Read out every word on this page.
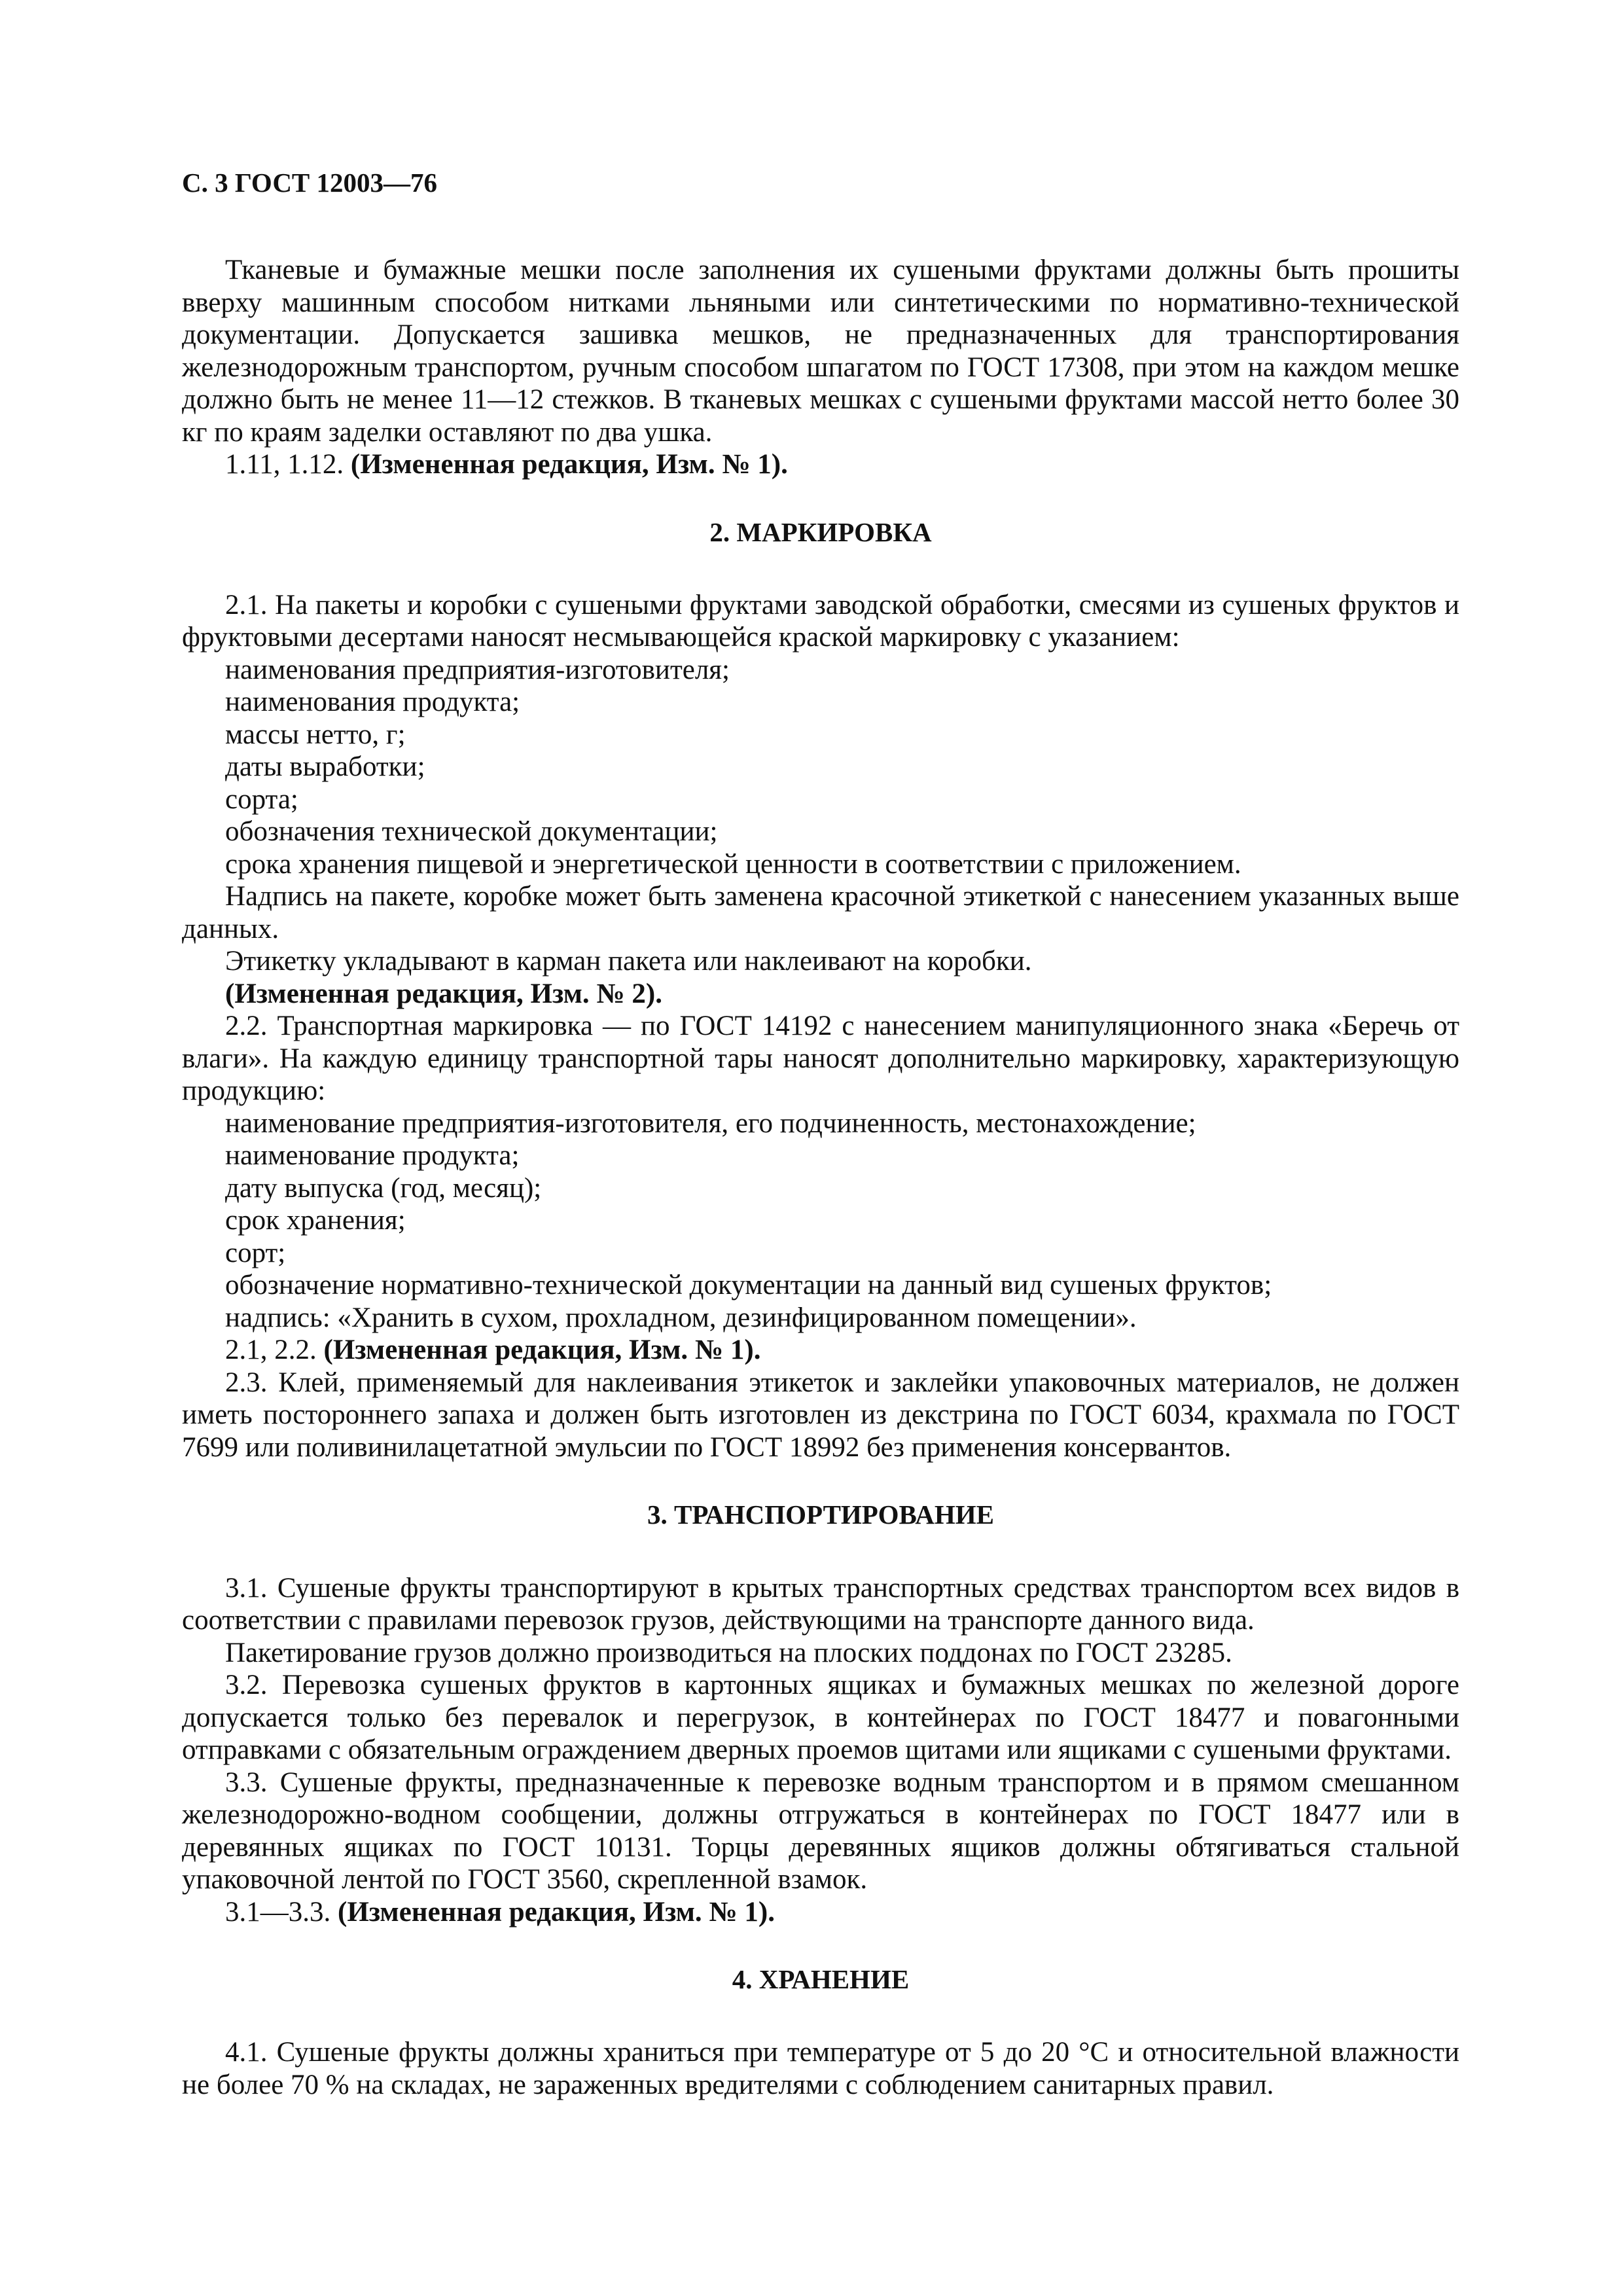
С. 3 ГОСТ 12003—76

Тканевые и бумажные мешки после заполнения их сушеными фруктами должны быть прошиты вверху машинным способом нитками льняными или синтетическими по нормативно-технической документации. Допускается зашивка мешков, не предназначенных для транспортирования железнодорожным транспортом, ручным способом шпагатом по ГОСТ 17308, при этом на каждом мешке должно быть не менее 11—12 стежков. В тканевых мешках с сушеными фруктами массой нетто более 30 кг по краям заделки оставляют по два ушка.

1.11, 1.12. (Измененная редакция, Изм. № 1).

2. МАРКИРОВКА

2.1. На пакеты и коробки с сушеными фруктами заводской обработки, смесями из сушеных фруктов и фруктовыми десертами наносят несмывающейся краской маркировку с указанием:

наименования предприятия-изготовителя;

наименования продукта;

массы нетто, г;

даты выработки;

сорта;

обозначения технической документации;

срока хранения пищевой и энергетической ценности в соответствии с приложением.

Надпись на пакете, коробке может быть заменена красочной этикеткой с нанесением указанных выше данных.

Этикетку укладывают в карман пакета или наклеивают на коробки.

(Измененная редакция, Изм. № 2).

2.2. Транспортная маркировка — по ГОСТ 14192 с нанесением манипуляционного знака «Беречь от влаги». На каждую единицу транспортной тары наносят дополнительно маркировку, характеризующую продукцию:

наименование предприятия-изготовителя, его подчиненность, местонахождение;

наименование продукта;

дату выпуска (год, месяц);

срок хранения;

сорт;

обозначение нормативно-технической документации на данный вид сушеных фруктов;

надпись: «Хранить в сухом, прохладном, дезинфицированном помещении».

2.1, 2.2. (Измененная редакция, Изм. № 1).

2.3. Клей, применяемый для наклеивания этикеток и заклейки упаковочных материалов, не должен иметь постороннего запаха и должен быть изготовлен из декстрина по ГОСТ 6034, крахмала по ГОСТ 7699 или поливинилацетатной эмульсии по ГОСТ 18992 без применения консервантов.

3. ТРАНСПОРТИРОВАНИЕ

3.1. Сушеные фрукты транспортируют в крытых транспортных средствах транспортом всех видов в соответствии с правилами перевозок грузов, действующими на транспорте данного вида.

Пакетирование грузов должно производиться на плоских поддонах по ГОСТ 23285.

3.2. Перевозка сушеных фруктов в картонных ящиках и бумажных мешках по железной дороге допускается только без перевалок и перегрузок, в контейнерах по ГОСТ 18477 и повагонными отправками с обязательным ограждением дверных проемов щитами или ящиками с сушеными фруктами.

3.3. Сушеные фрукты, предназначенные к перевозке водным транспортом и в прямом смешанном железнодорожно-водном сообщении, должны отгружаться в контейнерах по ГОСТ 18477 или в деревянных ящиках по ГОСТ 10131. Торцы деревянных ящиков должны обтягиваться стальной упаковочной лентой по ГОСТ 3560, скрепленной взамок.

3.1—3.3. (Измененная редакция, Изм. № 1).

4. ХРАНЕНИЕ

4.1. Сушеные фрукты должны храниться при температуре от 5 до 20 °С и относительной влажности не более 70 % на складах, не зараженных вредителями с соблюдением санитарных правил.
